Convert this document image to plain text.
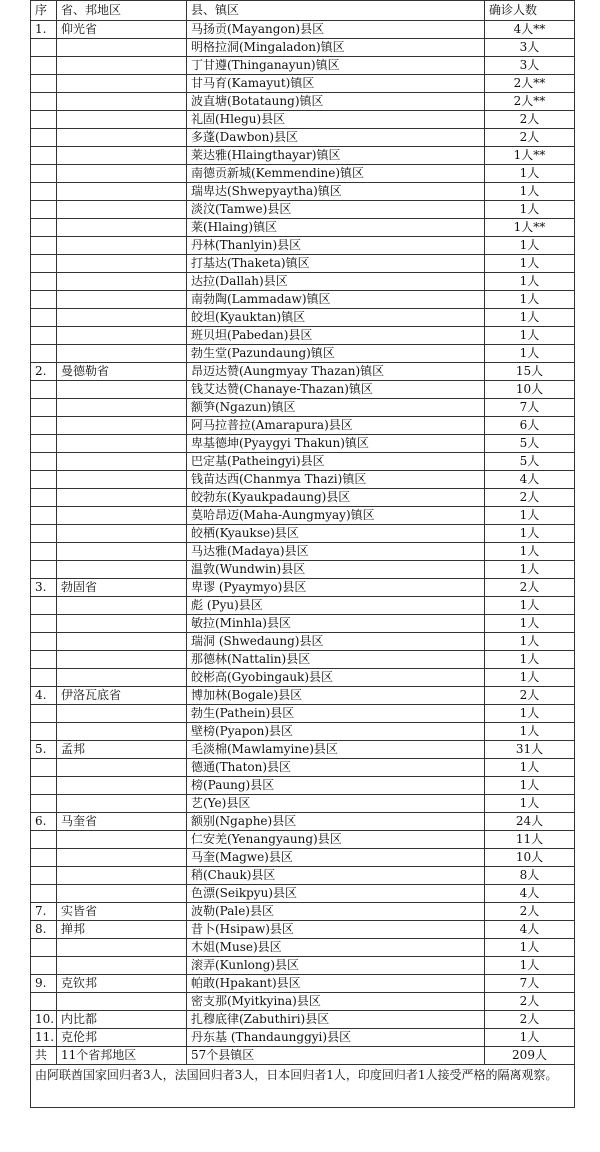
序	省、邦地区	县、镇区	确诊人数
1.	仰光省	马扬贡(Mayangon)县区	4人**
		明格拉洞(Mingaladon)镇区	3人
		丁甘遵(Thinganayun)镇区	3人
		甘马育(Kamayut)镇区	2人**
		波直塘(Botataung)镇区	2人**
		礼固(Hlegu)县区	2人
		多蓬(Dawbon)县区	2人
		莱达雅(Hlaingthayar)镇区	1人**
		南德贡新城(Kemmendine)镇区	1人
		瑞卑达(Shwepyaytha)镇区	1人
		淡汶(Tamwe)县区	1人
		莱(Hlaing)镇区	1人**
		丹林(Thanlyin)县区	1人
		打基达(Thaketa)镇区	1人
		达拉(Dallah)县区	1人
		南勃陶(Lammadaw)镇区	1人
		皎坦(Kyauktan)镇区	1人
		班贝坦(Pabedan)县区	1人
		勃生堂(Pazundaung)镇区	1人
2.	曼德勒省	昂迈达赞(Aungmyay Thazan)镇区	15人
		钱艾达赞(Chanaye-Thazan)镇区	10人
		额笋(Ngazun)镇区	7人
		阿马拉普拉(Amarapura)县区	6人
		卑基德坤(Pyaygyi Thakun)镇区	5人
		巴定基(Patheingyi)县区	5人
		钱苗达西(Chanmya Thazi)镇区	4人
		皎勃东(Kyaukpadaung)县区	2人
		莫哈昂迈(Maha-Aungmyay)镇区	1人
		皎栖(Kyaukse)县区	1人
		马达雅(Madaya)县区	1人
		温敦(Wundwin)县区	1人
3.	勃固省	卑谬 (Pyaymyo)县区	2人
		彪 (Pyu)县区	1人
		敏拉(Minhla)县区	1人
		瑞洞 (Shwedaung)县区	1人
		那德林(Nattalin)县区	1人
		皎彬高(Gyobingauk)县区	1人
4.	伊洛瓦底省	博加林(Bogale)县区	2人
		勃生(Pathein)县区	1人
		壁榜(Pyapon)县区	1人
5.	孟邦	毛淡棉(Mawlamyine)县区	31人
		德通(Thaton)县区	1人
		榜(Paung)县区	1人
		艺(Ye)县区	1人
6.	马奎省	额别(Ngaphe)县区	24人
		仁安羌(Yenangyaung)县区	11人
		马奎(Magwe)县区	10人
		稍(Chauk)县区	8人
		色漂(Seikpyu)县区	4人
7.	实皆省	波勒(Pale)县区	2人
8.	掸邦	昔卜(Hsipaw)县区	4人
		木姐(Muse)县区	1人
		滚弄(Kunlong)县区	1人
9.	克钦邦	帕敢(Hpakant)县区	7人
		密支那(Myitkyina)县区	2人
10.	内比都	扎穆底律(Zabuthiri)县区	2人
11.	克伦邦	丹东基 (Thandaunggyi)县区	1人
共	11个省邦地区	57个县镇区	209人
由阿联酋国家回归者3人，法国回归者3人，日本回归者1人，印度回归者1人接受严格的隔离观察。			
